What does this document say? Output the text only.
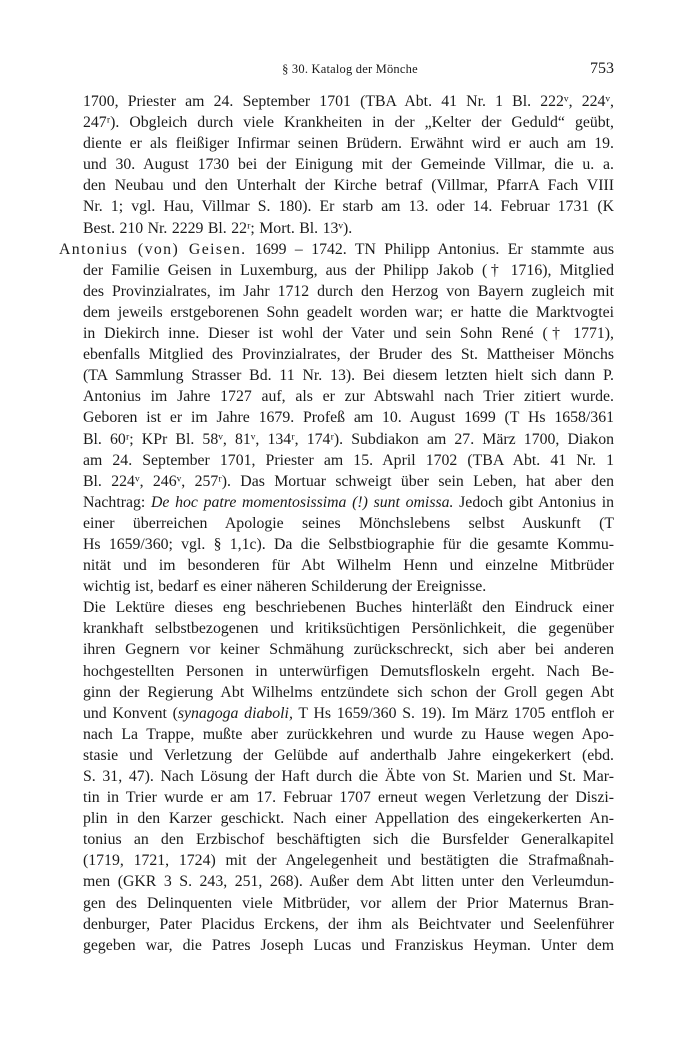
§ 30. Katalog der Mönche	753
1700, Priester am 24. September 1701 (TBA Abt. 41 Nr. 1 Bl. 222ᵛ, 224ᵛ,
247ʳ). Obgleich durch viele Krankheiten in der „Kelter der Geduld“ geübt,
diente er als fleißiger Infirmar seinen Brüdern. Erwähnt wird er auch am 19.
und 30. August 1730 bei der Einigung mit der Gemeinde Villmar, die u. a.
den Neubau und den Unterhalt der Kirche betraf (Villmar, PfarrA Fach VIII
Nr. 1; vgl. Hau, Villmar S. 180). Er starb am 13. oder 14. Februar 1731 (K
Best. 210 Nr. 2229 Bl. 22ʳ; Mort. Bl. 13ᵛ).
Antonius (von) Geisen. 1699 – 1742. TN Philipp Antonius. Er stammte aus
der Familie Geisen in Luxemburg, aus der Philipp Jakob († 1716), Mitglied
des Provinzialrates, im Jahr 1712 durch den Herzog von Bayern zugleich mit
dem jeweils erstgeborenen Sohn geadelt worden war; er hatte die Marktvogtei
in Diekirch inne. Dieser ist wohl der Vater und sein Sohn René († 1771),
ebenfalls Mitglied des Provinzialrates, der Bruder des St. Mattheiser Mönchs
(TA Sammlung Strasser Bd. 11 Nr. 13). Bei diesem letzten hielt sich dann P.
Antonius im Jahre 1727 auf, als er zur Abtswahl nach Trier zitiert wurde.
Geboren ist er im Jahre 1679. Profeß am 10. August 1699 (T Hs 1658/361
Bl. 60ʳ; KPr Bl. 58ᵛ, 81ᵛ, 134ʳ, 174ʳ). Subdiakon am 27. März 1700, Diakon
am 24. September 1701, Priester am 15. April 1702 (TBA Abt. 41 Nr. 1
Bl. 224ᵛ, 246ᵛ, 257ʳ). Das Mortuar schweigt über sein Leben, hat aber den
Nachtrag: De hoc patre momentosissima (!) sunt omissa. Jedoch gibt Antonius in
einer überreichen Apologie seines Mönchslebens selbst Auskunft (T
Hs 1659/360; vgl. § 1,1c). Da die Selbstbiographie für die gesamte Kommu-
nität und im besonderen für Abt Wilhelm Henn und einzelne Mitbrüder
wichtig ist, bedarf es einer näheren Schilderung der Ereignisse.
Die Lektüre dieses eng beschriebenen Buches hinterläßt den Eindruck einer
krankhaft selbstbezogenen und kritiksüchtigen Persönlichkeit, die gegenüber
ihren Gegnern vor keiner Schmähung zurückschreckt, sich aber bei anderen
hochgestellten Personen in unterwürfigen Demutsfloskeln ergeht. Nach Be-
ginn der Regierung Abt Wilhelms entzündete sich schon der Groll gegen Abt
und Konvent (synagoga diaboli, T Hs 1659/360 S. 19). Im März 1705 entfloh er
nach La Trappe, mußte aber zurückkehren und wurde zu Hause wegen Apo-
stasie und Verletzung der Gelübde auf anderthalb Jahre eingekerkert (ebd.
S. 31, 47). Nach Lösung der Haft durch die Äbte von St. Marien und St. Mar-
tin in Trier wurde er am 17. Februar 1707 erneut wegen Verletzung der Diszi-
plin in den Karzer geschickt. Nach einer Appellation des eingekerkerten An-
tonius an den Erzbischof beschäftigten sich die Bursfelder Generalkapitel
(1719, 1721, 1724) mit der Angelegenheit und bestätigten die Strafmaßnah-
men (GKR 3 S. 243, 251, 268). Außer dem Abt litten unter den Verleumdun-
gen des Delinquenten viele Mitbrüder, vor allem der Prior Maternus Bran-
denburger, Pater Placidus Erckens, der ihm als Beichtvater und Seelenführer
gegeben war, die Patres Joseph Lucas und Franziskus Heyman. Unter dem
